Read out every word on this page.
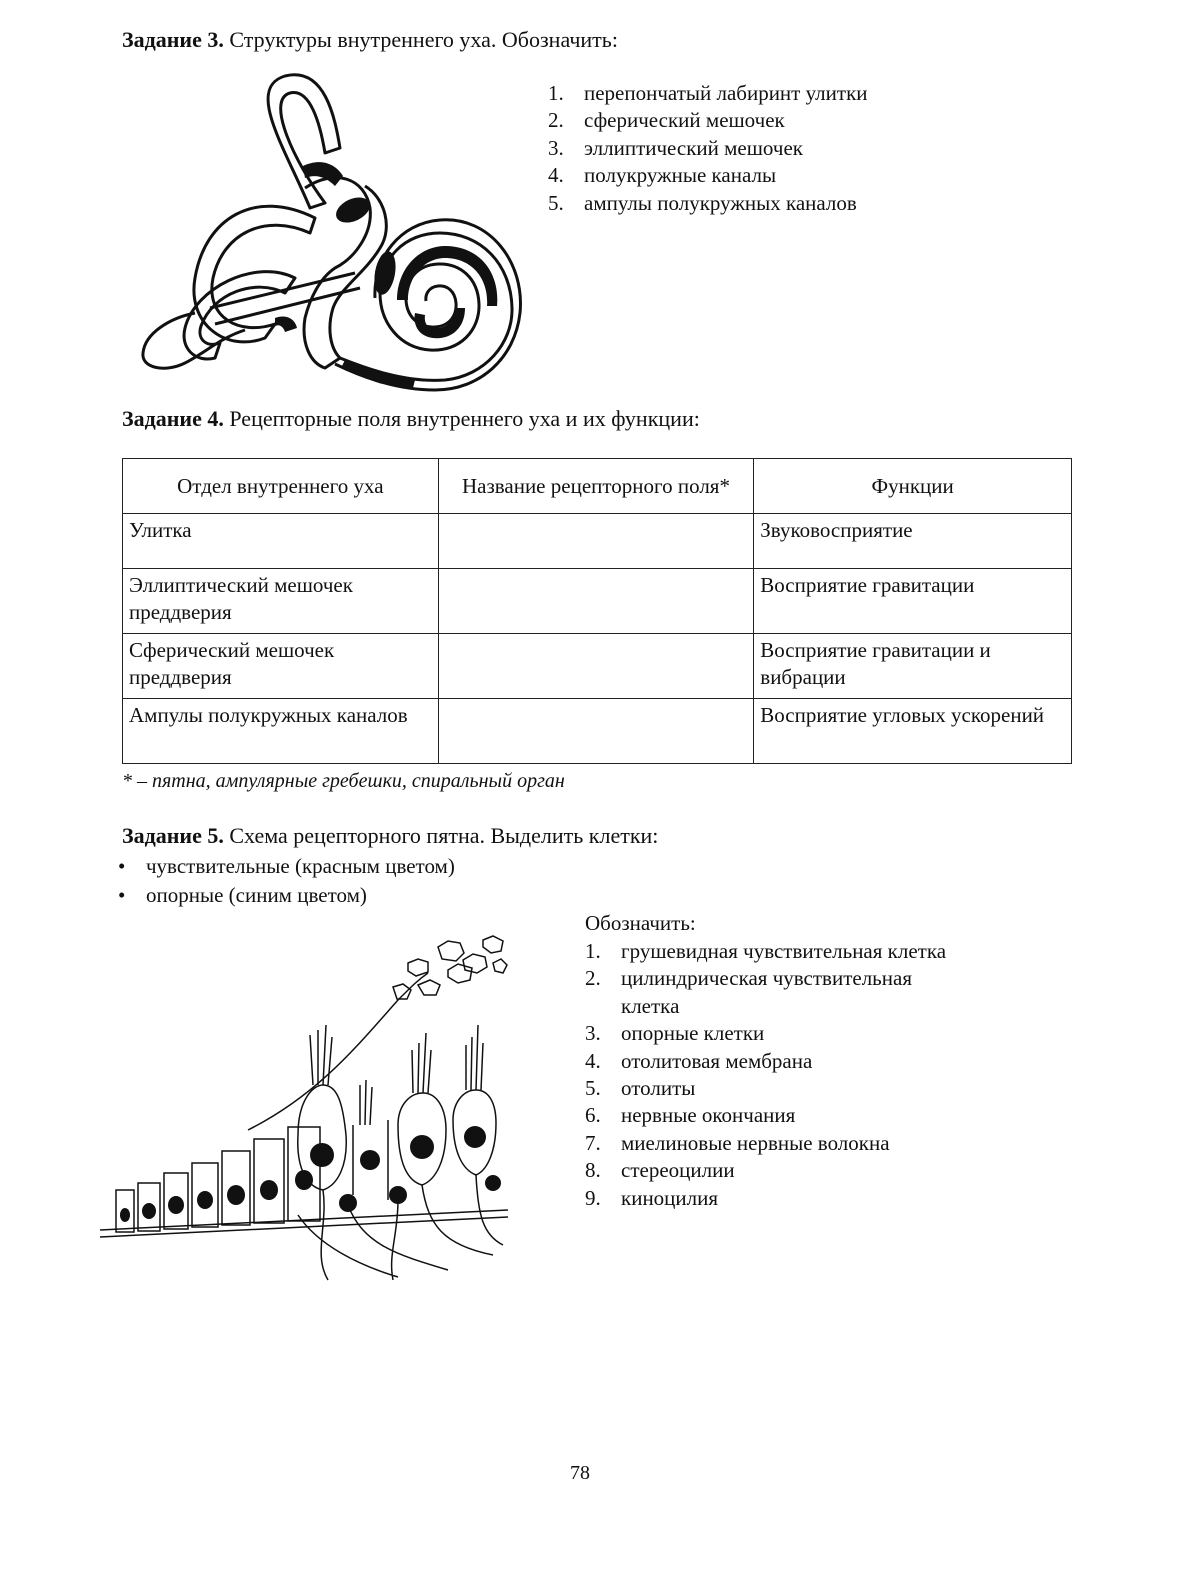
Задание 3. Структуры внутреннего уха. Обозначить:
1. перепончатый лабиринт улитки
2. сферический мешочек
3. эллиптический мешочек
4. полукружные каналы
5. ампулы полукружных каналов
Задание 4. Рецепторные поля внутреннего уха и их функции:
Отдел внутреннего уха	Название рецепторного поля*	Функции
Улитка		Звуковосприятие
Эллиптический мешочек преддверия		Восприятие гравитации
Сферический мешочек преддверия		Восприятие гравитации и вибрации
Ампулы полукружных каналов		Восприятие угловых ускорений
* – пятна, ампулярные гребешки, спиральный орган
Задание 5. Схема рецепторного пятна. Выделить клетки:
• чувствительные (красным цветом)
• опорные (синим цветом)
Обозначить:
1. грушевидная чувствительная клетка
2. цилиндрическая чувствительная клетка
3. опорные клетки
4. отолитовая мембрана
5. отолиты
6. нервные окончания
7. миелиновые нервные волокна
8. стереоцилии
9. киноцилия
78
